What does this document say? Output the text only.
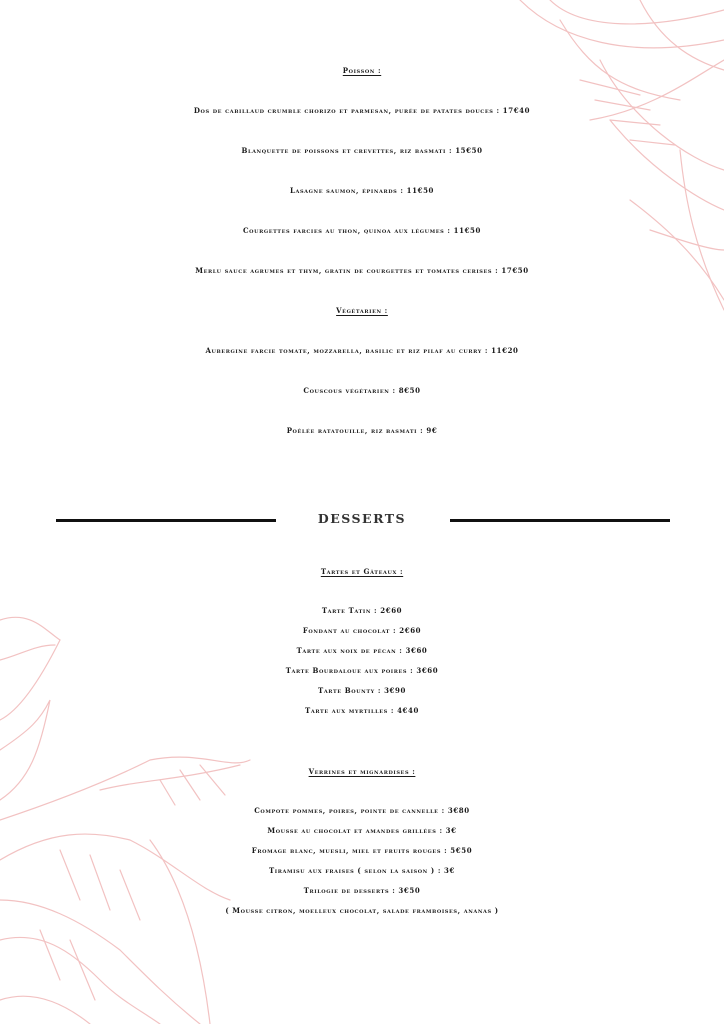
Poisson :
Dos de cabillaud crumble chorizo et parmesan, purée de patates douces : 17€40
Blanquette de poissons et crevettes, riz basmati : 15€50
Lasagne saumon, épinards : 11€50
Courgettes farcies au thon, quinoa aux légumes : 11€50
Merlu sauce agrumes et thym, gratin de courgettes et tomates cerises : 17€50
Végétarien :
Aubergine farcie tomate, mozzarella, basilic et riz pilaf au curry : 11€20
Couscous végétarien : 8€50
Poêlée ratatouille, riz basmati : 9€
DESSERTS
Tartes et Gâteaux :
Tarte Tatin : 2€60
Fondant au chocolat : 2€60
Tarte aux noix de pécan : 3€60
Tarte Bourdaloue aux poires : 3€60
Tarte Bounty : 3€90
Tarte aux myrtilles : 4€40
Verrines et mignardises :
Compote pommes, poires, pointe de cannelle : 3€80
Mousse au chocolat et amandes grillées : 3€
Fromage blanc, muesli, miel et fruits rouges : 5€50
Tiramisu aux fraises ( selon la saison ) : 3€
Trilogie de desserts : 3€50
( Mousse citron, moelleux chocolat, salade framboises, ananas )
